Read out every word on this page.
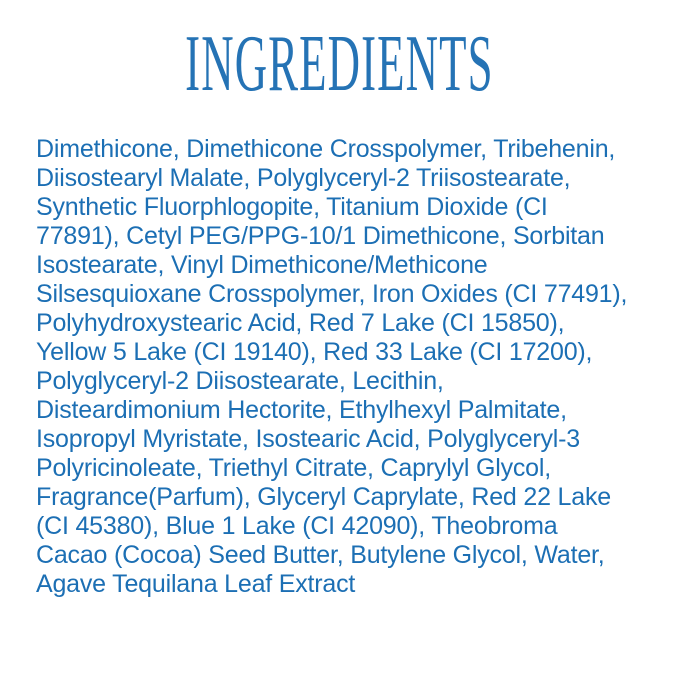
INGREDIENTS
Dimethicone, Dimethicone Crosspolymer, Tribehenin,
Diisostearyl Malate, Polyglyceryl-2 Triisostearate,
Synthetic Fluorphlogopite, Titanium Dioxide (CI
77891), Cetyl PEG/PPG-10/1 Dimethicone, Sorbitan
Isostearate, Vinyl Dimethicone/Methicone
Silsesquioxane Crosspolymer, Iron Oxides (CI 77491),
Polyhydroxystearic Acid, Red 7 Lake (CI 15850),
Yellow 5 Lake (CI 19140), Red 33 Lake (CI 17200),
Polyglyceryl-2 Diisostearate, Lecithin,
Disteardimonium Hectorite, Ethylhexyl Palmitate,
Isopropyl Myristate, Isostearic Acid, Polyglyceryl-3
Polyricinoleate, Triethyl Citrate, Caprylyl Glycol,
Fragrance(Parfum), Glyceryl Caprylate, Red 22 Lake
(CI 45380), Blue 1 Lake (CI 42090), Theobroma
Cacao (Cocoa) Seed Butter, Butylene Glycol, Water,
Agave Tequilana Leaf Extract
